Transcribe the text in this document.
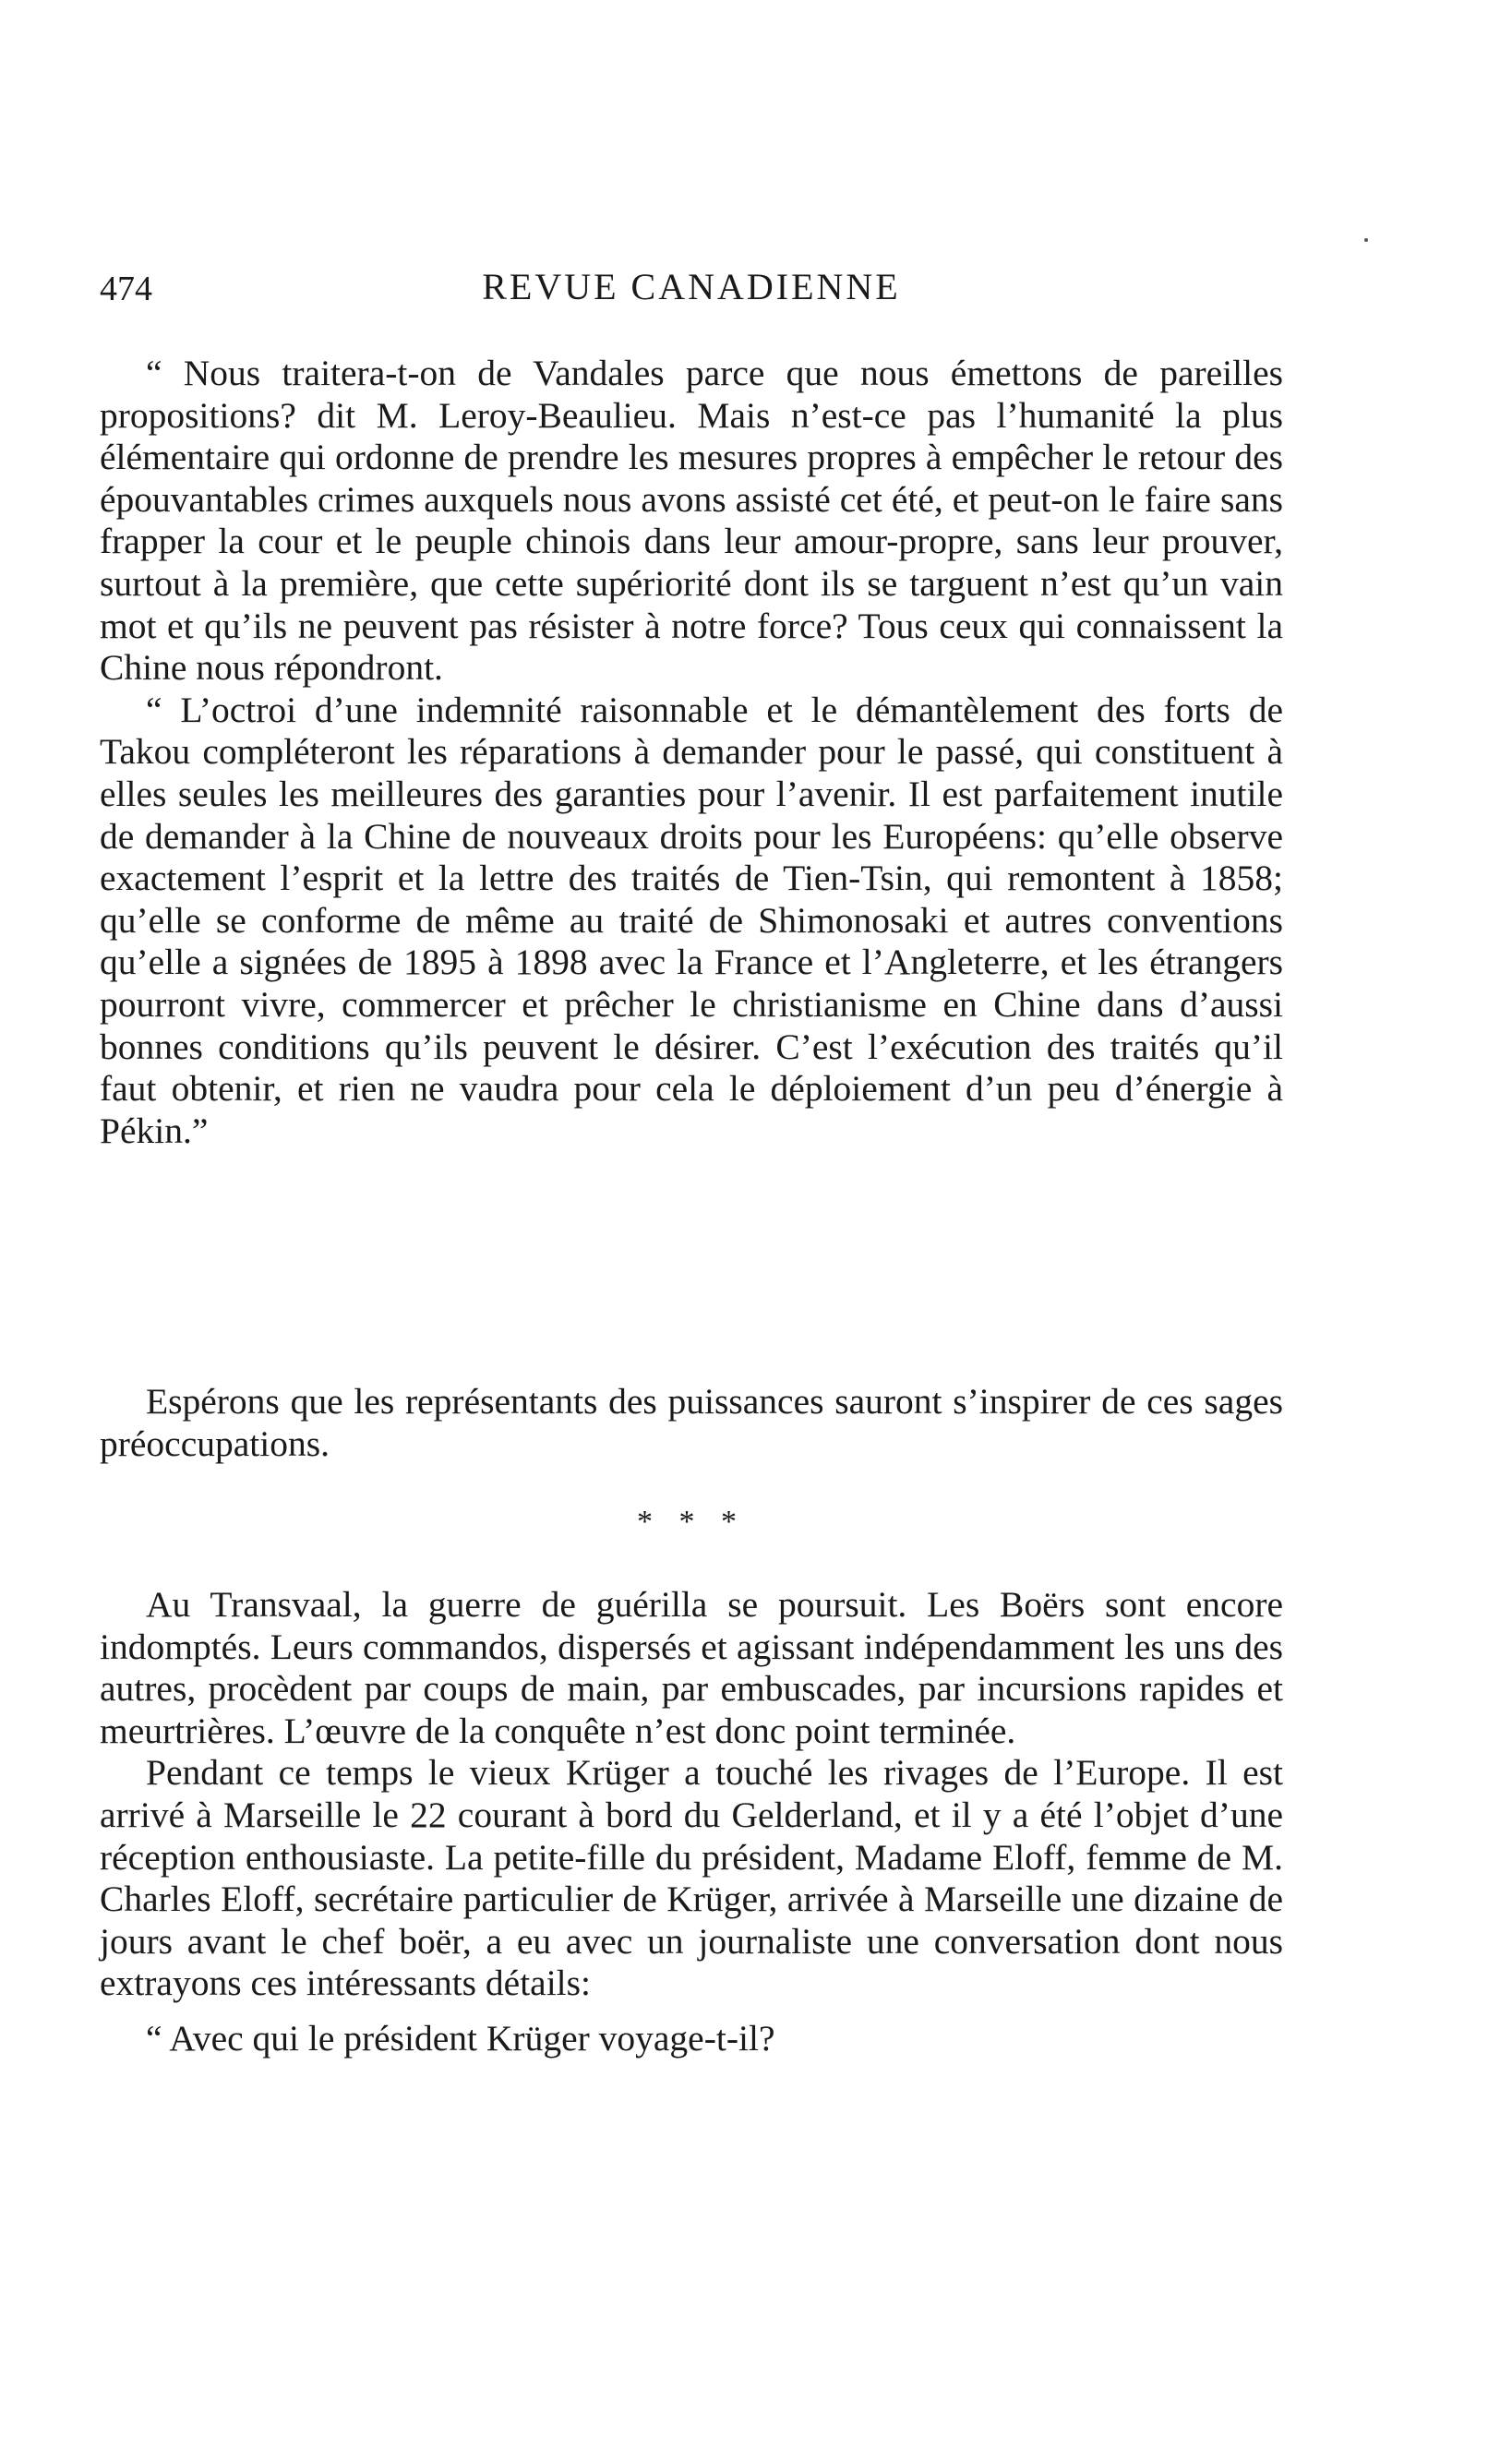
474	REVUE CANADIENNE

“ Nous traitera-t-on de Vandales parce que nous émettons de pareilles propositions? dit M. Leroy-Beaulieu. Mais n’est-ce pas l’humanité la plus élémentaire qui ordonne de prendre les mesures propres à empêcher le retour des épouvantables crimes auxquels nous avons assisté cet été, et peut-on le faire sans frapper la cour et le peuple chinois dans leur amour-propre, sans leur prouver, surtout à la première, que cette supériorité dont ils se targuent n’est qu’un vain mot et qu’ils ne peuvent pas résister à notre force? Tous ceux qui connaissent la Chine nous répondront.

“ L’octroi d’une indemnité raisonnable et le démantèlement des forts de Takou compléteront les réparations à demander pour le passé, qui constituent à elles seules les meilleures des garanties pour l’avenir. Il est parfaitement inutile de demander à la Chine de nouveaux droits pour les Européens: qu’elle observe exactement l’esprit et la lettre des traités de Tien-Tsin, qui remontent à 1858; qu’elle se conforme de même au traité de Shimonosaki et autres conventions qu’elle a signées de 1895 à 1898 avec la France et l’Angleterre, et les étrangers pourront vivre, commercer et prêcher le christianisme en Chine dans d’aussi bonnes conditions qu’ils peuvent le désirer. C’est l’exécution des traités qu’il faut obtenir, et rien ne vaudra pour cela le déploiement d’un peu d’énergie à Pékin.”

Espérons que les représentants des puissances sauront s’inspirer de ces sages préoccupations.

* * *

Au Transvaal, la guerre de guérilla se poursuit. Les Boërs sont encore indomptés. Leurs commandos, dispersés et agissant indépendamment les uns des autres, procèdent par coups de main, par embuscades, par incursions rapides et meurtrières. L’œuvre de la conquête n’est donc point terminée.

Pendant ce temps le vieux Krüger a touché les rivages de l’Europe. Il est arrivé à Marseille le 22 courant à bord du Gelderland, et il y a été l’objet d’une réception enthousiaste. La petite-fille du président, Madame Eloff, femme de M. Charles Eloff, secrétaire particulier de Krüger, arrivée à Marseille une dizaine de jours avant le chef boër, a eu avec un journaliste une conversation dont nous extrayons ces intéressants détails:

“ Avec qui le président Krüger voyage-t-il?
